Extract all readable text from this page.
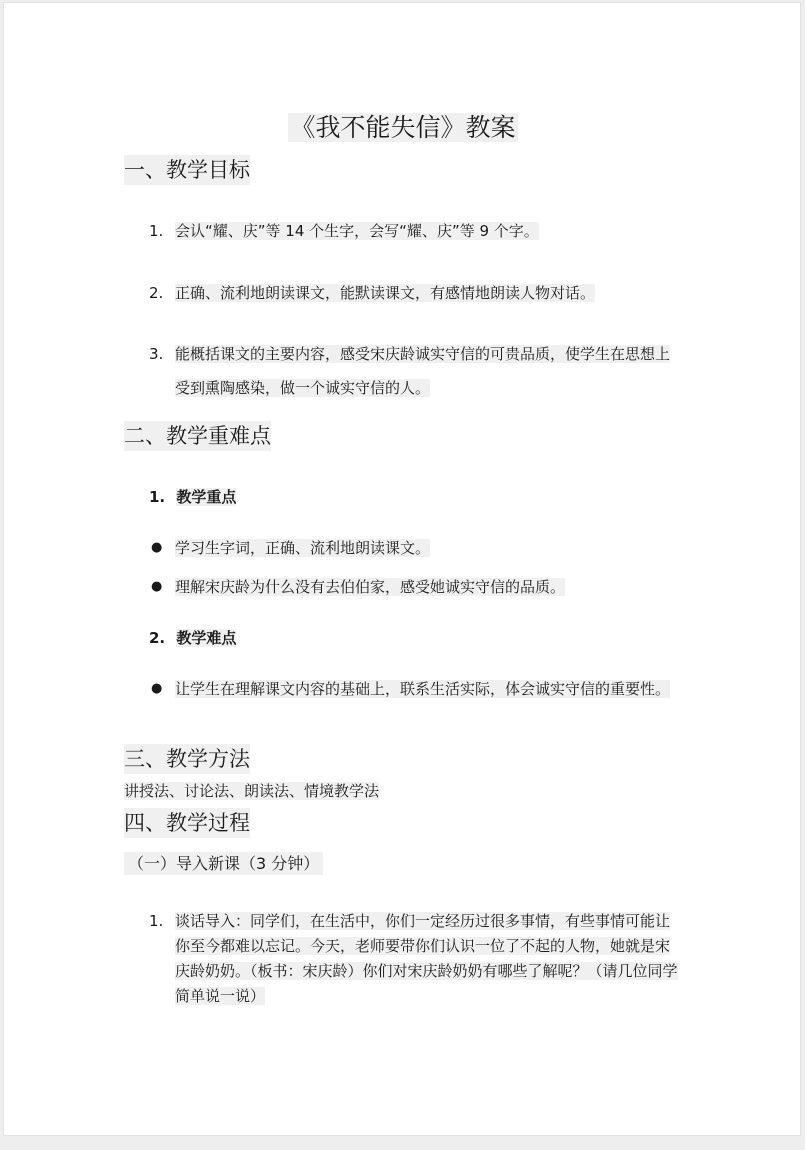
《我不能失信》教案
一、教学目标
1. 会认“耀、庆”等 14 个生字，会写“耀、庆”等 9 个字。
2. 正确、流利地朗读课文，能默读课文，有感情地朗读人物对话。
3. 能概括课文的主要内容，感受宋庆龄诚实守信的可贵品质，使学生在思想上受到熏陶感染，做一个诚实守信的人。
二、教学重难点
1. 教学重点
● 学习生字词，正确、流利地朗读课文。
● 理解宋庆龄为什么没有去伯伯家，感受她诚实守信的品质。
2. 教学难点
● 让学生在理解课文内容的基础上，联系生活实际，体会诚实守信的重要性。
三、教学方法
讲授法、讨论法、朗读法、情境教学法
四、教学过程
（一）导入新课（3 分钟）
1. 谈话导入：同学们，在生活中，你们一定经历过很多事情，有些事情可能让你至今都难以忘记。今天，老师要带你们认识一位了不起的人物，她就是宋庆龄奶奶。（板书：宋庆龄）你们对宋庆龄奶奶有哪些了解呢？（请几位同学简单说一说）
